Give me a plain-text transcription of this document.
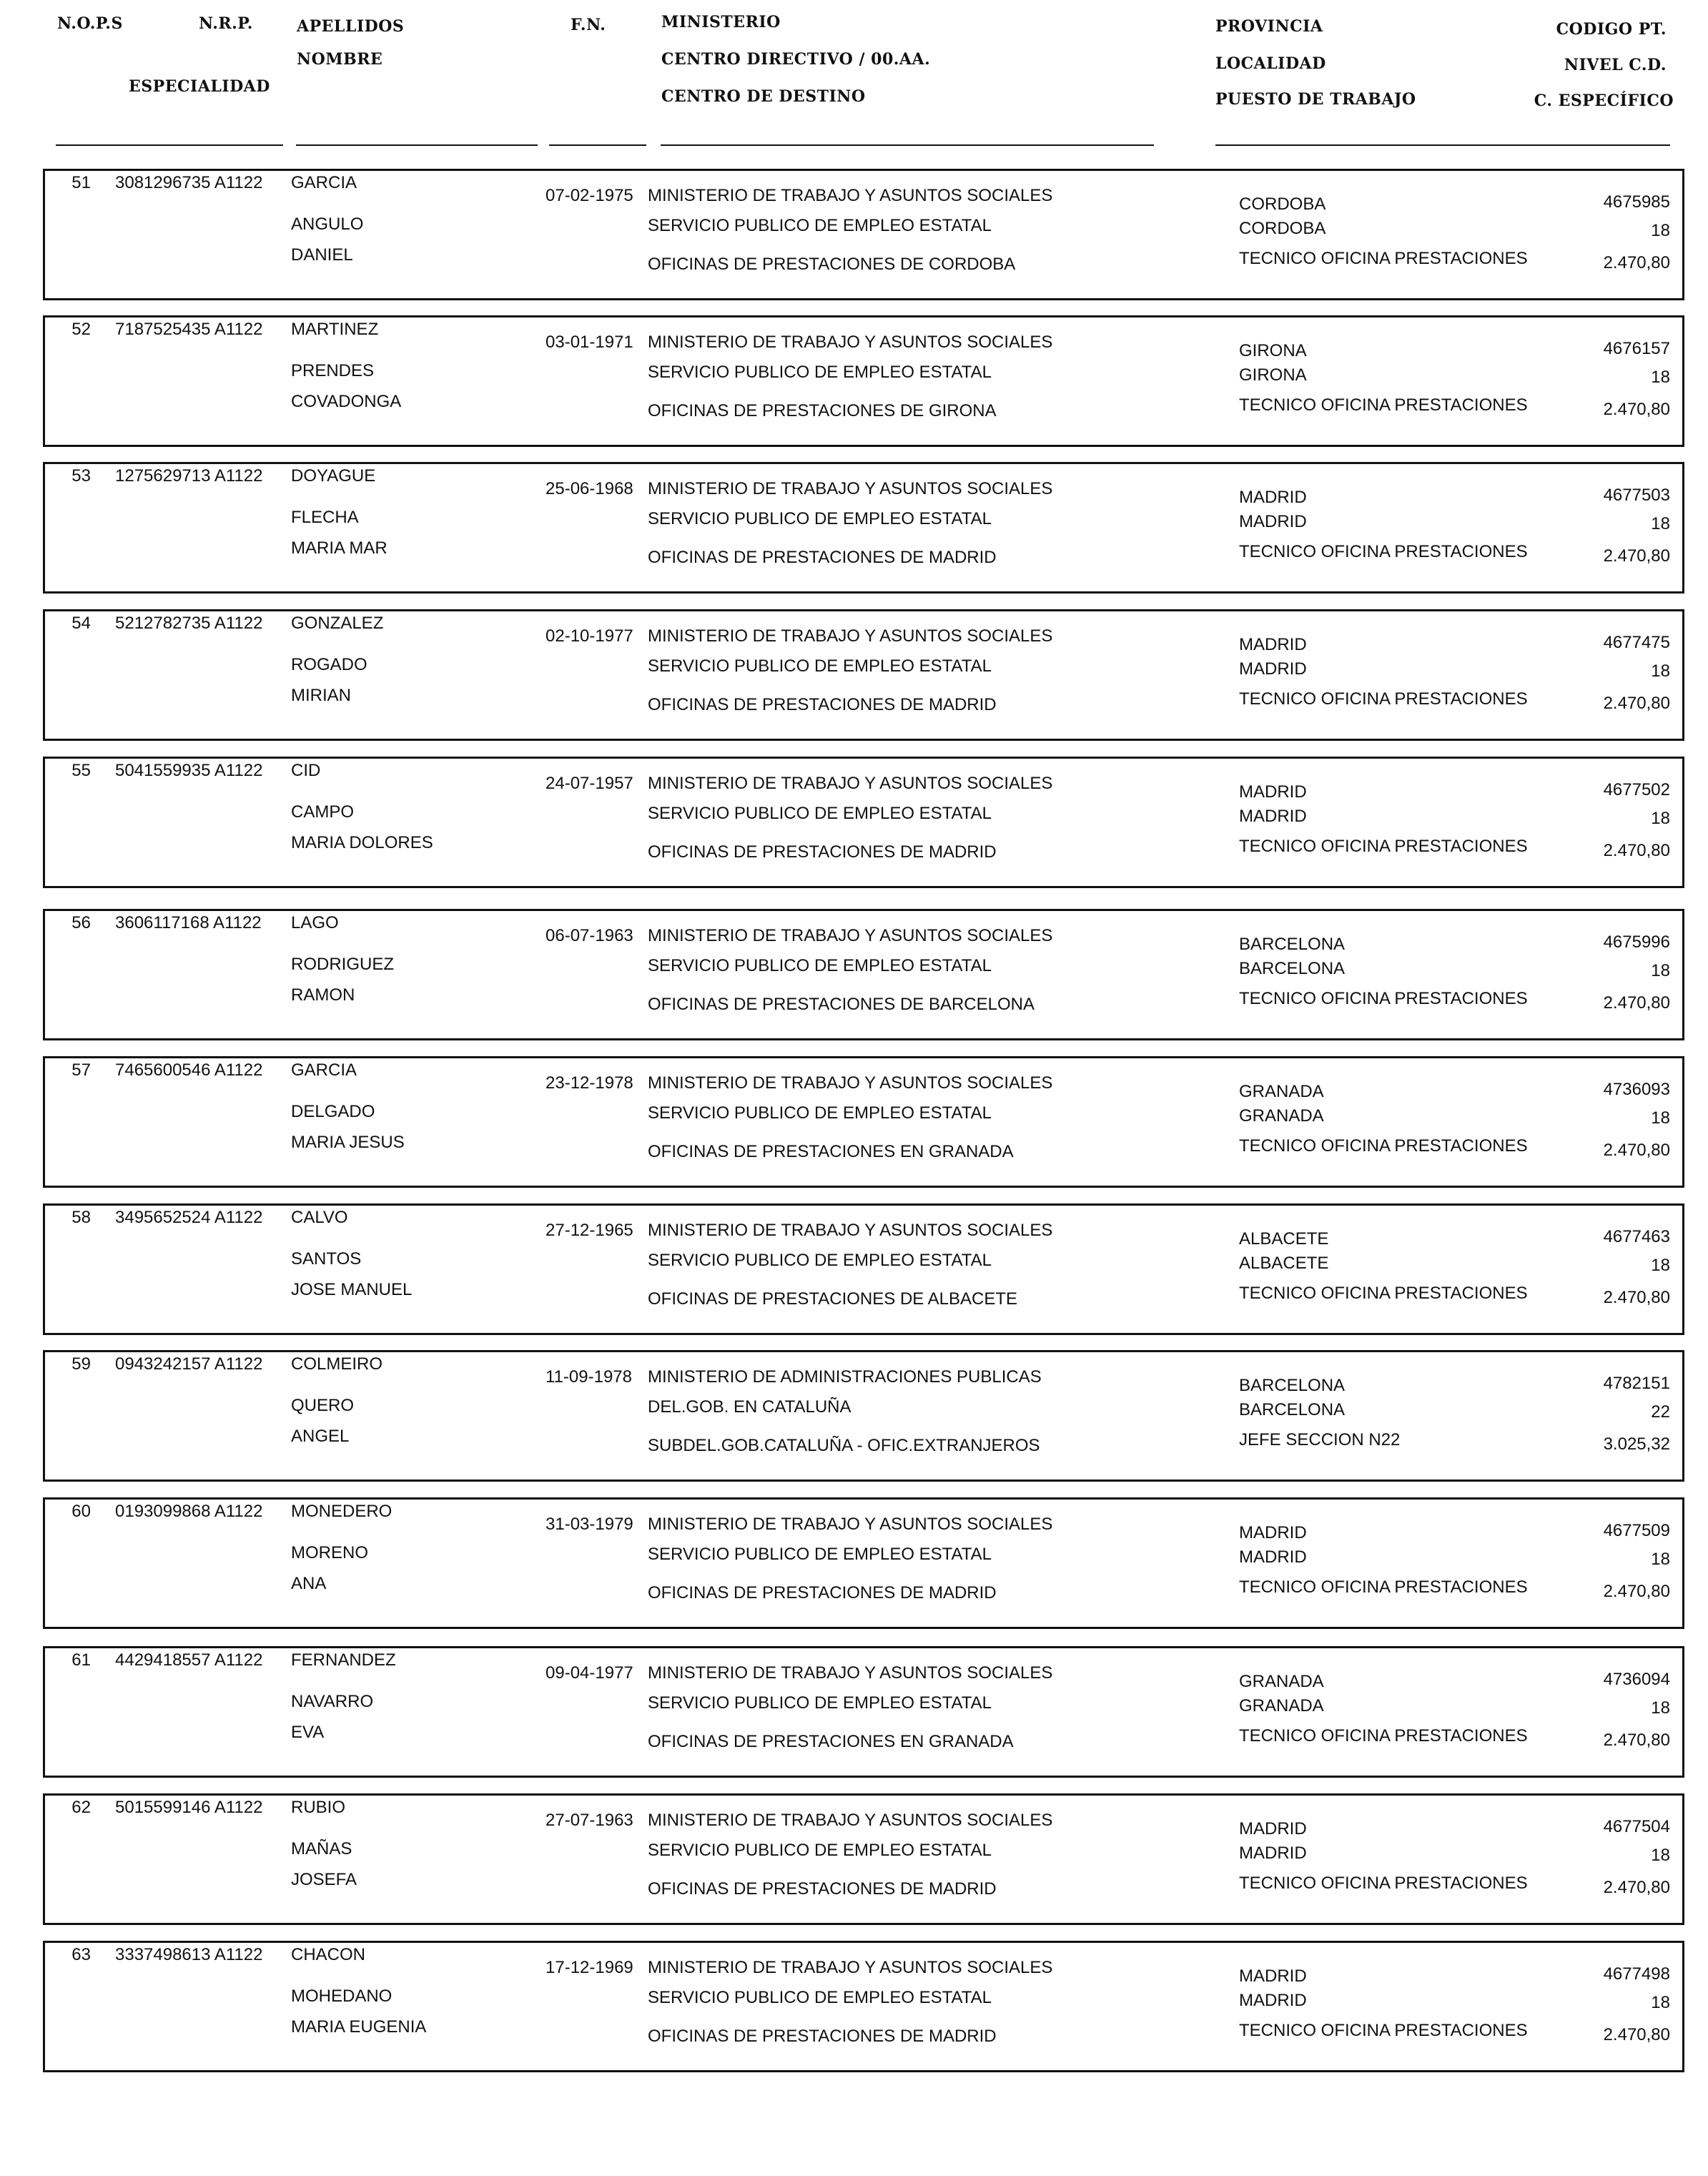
N.O.P.S	N.R.P.
ESPECIALIDAD
APELLIDOS
NOMBRE
F.N.	MINISTERIO
CENTRO DIRECTIVO / 00.AA.
CENTRO DE DESTINO
PROVINCIA
LOCALIDAD
PUESTO DE TRABAJO
CODIGO PT.
NIVEL C.D.
C. ESPECÍFICO
51 3081296735 A1122 GARCIA
ANGULO
DANIEL
07-02-1975 MINISTERIO DE TRABAJO Y ASUNTOS SOCIALES
SERVICIO PUBLICO DE EMPLEO ESTATAL
OFICINAS DE PRESTACIONES DE CORDOBA
CORDOBA
CORDOBA
TECNICO OFICINA PRESTACIONES
4675985
18
2.470,80
52 7187525435 A1122 MARTINEZ
PRENDES
COVADONGA
03-01-1971 MINISTERIO DE TRABAJO Y ASUNTOS SOCIALES
SERVICIO PUBLICO DE EMPLEO ESTATAL
OFICINAS DE PRESTACIONES DE GIRONA
GIRONA
GIRONA
TECNICO OFICINA PRESTACIONES
4676157
18
2.470,80
53 1275629713 A1122 DOYAGUE
FLECHA
MARIA MAR
25-06-1968 MINISTERIO DE TRABAJO Y ASUNTOS SOCIALES
SERVICIO PUBLICO DE EMPLEO ESTATAL
OFICINAS DE PRESTACIONES DE MADRID
MADRID
MADRID
TECNICO OFICINA PRESTACIONES
4677503
18
2.470,80
54 5212782735 A1122 GONZALEZ
ROGADO
MIRIAN
02-10-1977 MINISTERIO DE TRABAJO Y ASUNTOS SOCIALES
SERVICIO PUBLICO DE EMPLEO ESTATAL
OFICINAS DE PRESTACIONES DE MADRID
MADRID
MADRID
TECNICO OFICINA PRESTACIONES
4677475
18
2.470,80
55 5041559935 A1122 CID
CAMPO
MARIA DOLORES
24-07-1957 MINISTERIO DE TRABAJO Y ASUNTOS SOCIALES
SERVICIO PUBLICO DE EMPLEO ESTATAL
OFICINAS DE PRESTACIONES DE MADRID
MADRID
MADRID
TECNICO OFICINA PRESTACIONES
4677502
18
2.470,80
56 3606117168 A1122 LAGO
RODRIGUEZ
RAMON
06-07-1963 MINISTERIO DE TRABAJO Y ASUNTOS SOCIALES
SERVICIO PUBLICO DE EMPLEO ESTATAL
OFICINAS DE PRESTACIONES DE BARCELONA
BARCELONA
BARCELONA
TECNICO OFICINA PRESTACIONES
4675996
18
2.470,80
57 7465600546 A1122 GARCIA
DELGADO
MARIA JESUS
23-12-1978 MINISTERIO DE TRABAJO Y ASUNTOS SOCIALES
SERVICIO PUBLICO DE EMPLEO ESTATAL
OFICINAS DE PRESTACIONES EN GRANADA
GRANADA
GRANADA
TECNICO OFICINA PRESTACIONES
4736093
18
2.470,80
58 3495652524 A1122 CALVO
SANTOS
JOSE MANUEL
27-12-1965 MINISTERIO DE TRABAJO Y ASUNTOS SOCIALES
SERVICIO PUBLICO DE EMPLEO ESTATAL
OFICINAS DE PRESTACIONES DE ALBACETE
ALBACETE
ALBACETE
TECNICO OFICINA PRESTACIONES
4677463
18
2.470,80
59 0943242157 A1122 COLMEIRO
QUERO
ANGEL
11-09-1978 MINISTERIO DE ADMINISTRACIONES PUBLICAS
DEL.GOB. EN CATALUÑA
SUBDEL.GOB.CATALUÑA - OFIC.EXTRANJEROS
BARCELONA
BARCELONA
JEFE SECCION N22
4782151
22
3.025,32
60 0193099868 A1122 MONEDERO
MORENO
ANA
31-03-1979 MINISTERIO DE TRABAJO Y ASUNTOS SOCIALES
SERVICIO PUBLICO DE EMPLEO ESTATAL
OFICINAS DE PRESTACIONES DE MADRID
MADRID
MADRID
TECNICO OFICINA PRESTACIONES
4677509
18
2.470,80
61 4429418557 A1122 FERNANDEZ
NAVARRO
EVA
09-04-1977 MINISTERIO DE TRABAJO Y ASUNTOS SOCIALES
SERVICIO PUBLICO DE EMPLEO ESTATAL
OFICINAS DE PRESTACIONES EN GRANADA
GRANADA
GRANADA
TECNICO OFICINA PRESTACIONES
4736094
18
2.470,80
62 5015599146 A1122 RUBIO
MAÑAS
JOSEFA
27-07-1963 MINISTERIO DE TRABAJO Y ASUNTOS SOCIALES
SERVICIO PUBLICO DE EMPLEO ESTATAL
OFICINAS DE PRESTACIONES DE MADRID
MADRID
MADRID
TECNICO OFICINA PRESTACIONES
4677504
18
2.470,80
63 3337498613 A1122 CHACON
MOHEDANO
MARIA EUGENIA
17-12-1969 MINISTERIO DE TRABAJO Y ASUNTOS SOCIALES
SERVICIO PUBLICO DE EMPLEO ESTATAL
OFICINAS DE PRESTACIONES DE MADRID
MADRID
MADRID
TECNICO OFICINA PRESTACIONES
4677498
18
2.470,80
